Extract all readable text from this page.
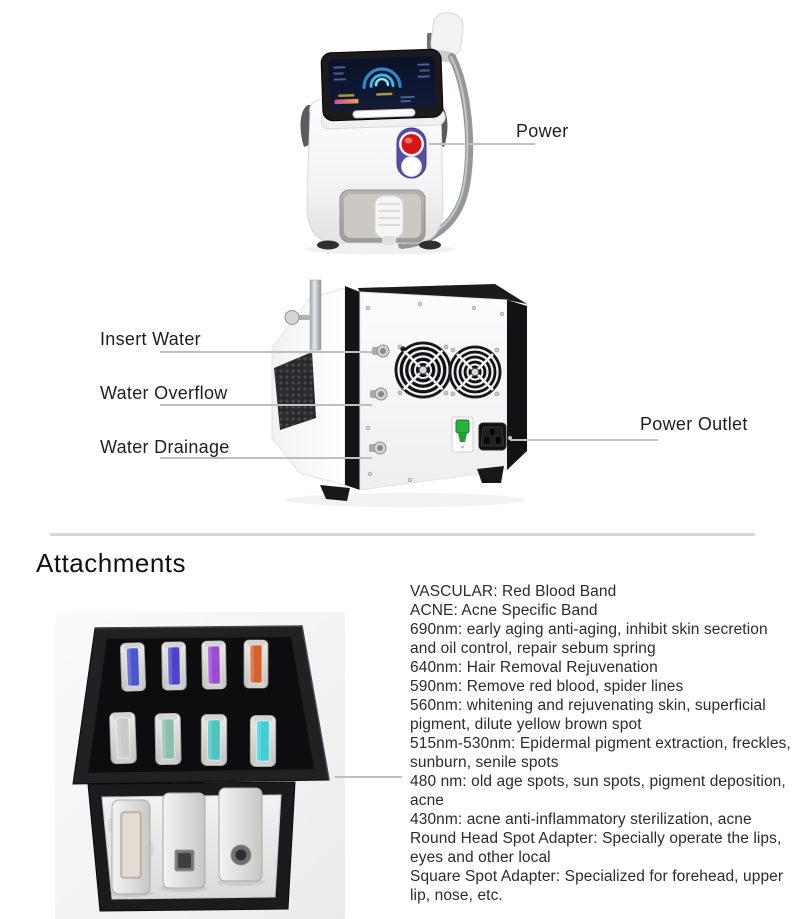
Power
Insert Water
Water Overflow
Water Drainage
Power Outlet
Attachments
VASCULAR: Red Blood Band
ACNE: Acne Specific Band
690nm: early aging anti-aging, inhibit skin secretion and oil control, repair sebum spring
640nm: Hair Removal Rejuvenation
590nm: Remove red blood, spider lines
560nm: whitening and rejuvenating skin, superficial pigment, dilute yellow brown spot
515nm-530nm: Epidermal pigment extraction, freckles, sunburn, senile spots
480 nm: old age spots, sun spots, pigment deposition, acne
430nm: acne anti-inflammatory sterilization, acne
Round Head Spot Adapter: Specially operate the lips, eyes and other local
Square Spot Adapter: Specialized for forehead, upper lip, nose, etc.
